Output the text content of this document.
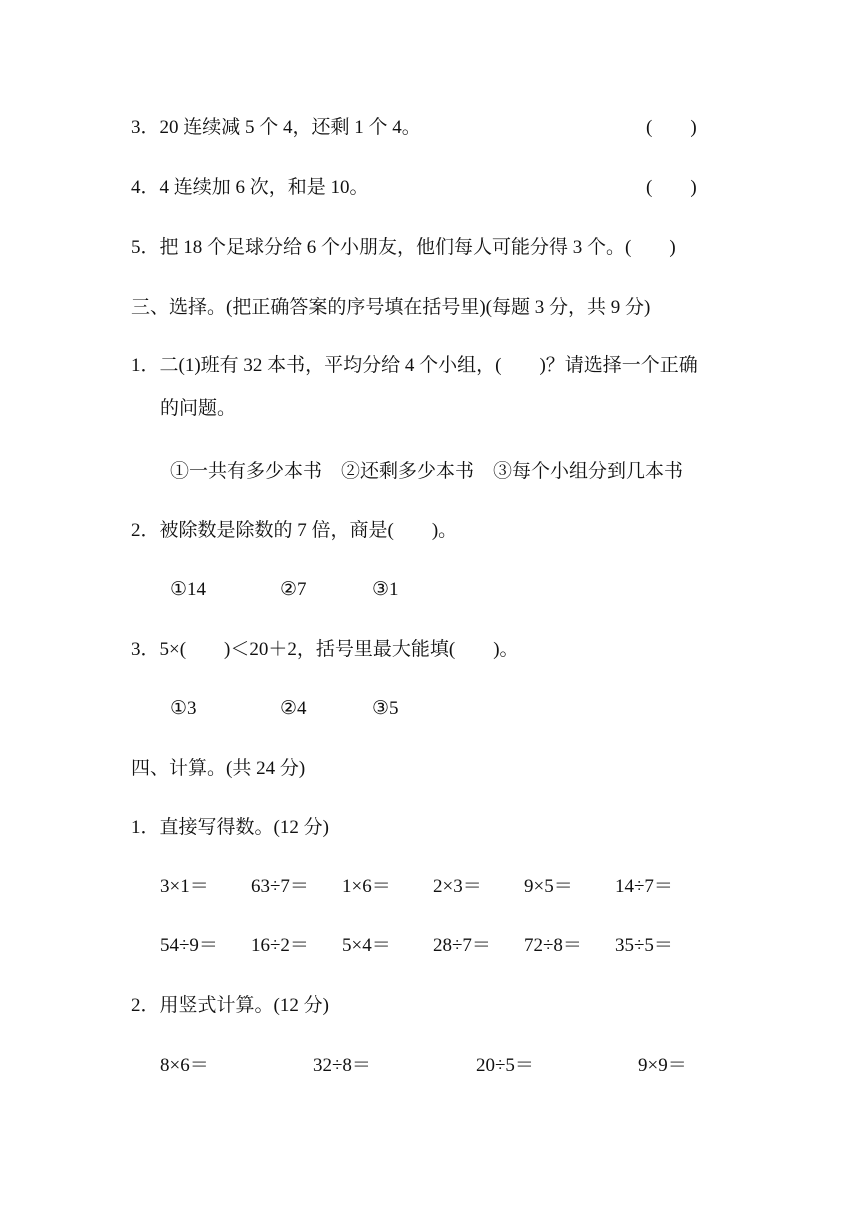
3．20 连续减 5 个 4，还剩 1 个 4。	(　　)
4．4 连续加 6 次，和是 10。	(　　)
5．把 18 个足球分给 6 个小朋友，他们每人可能分得 3 个。(　　)
三、选择。(把正确答案的序号填在括号里)(每题 3 分，共 9 分)
1．二(1)班有 32 本书，平均分给 4 个小组，(　　)？请选择一个正确
的问题。
①一共有多少本书　②还剩多少本书　③每个小组分到几本书
2．被除数是除数的 7 倍，商是(　　)。
①14	②7	③1
3．5×(　　)＜20＋2，括号里最大能填(　　)。
①3	②4	③5
四、计算。(共 24 分)
1．直接写得数。(12 分)
3×1＝ 63÷7＝ 1×6＝ 2×3＝ 9×5＝ 14÷7＝
54÷9＝ 16÷2＝ 5×4＝ 28÷7＝ 72÷8＝ 35÷5＝
2．用竖式计算。(12 分)
8×6＝	32÷8＝	20÷5＝	9×9＝
